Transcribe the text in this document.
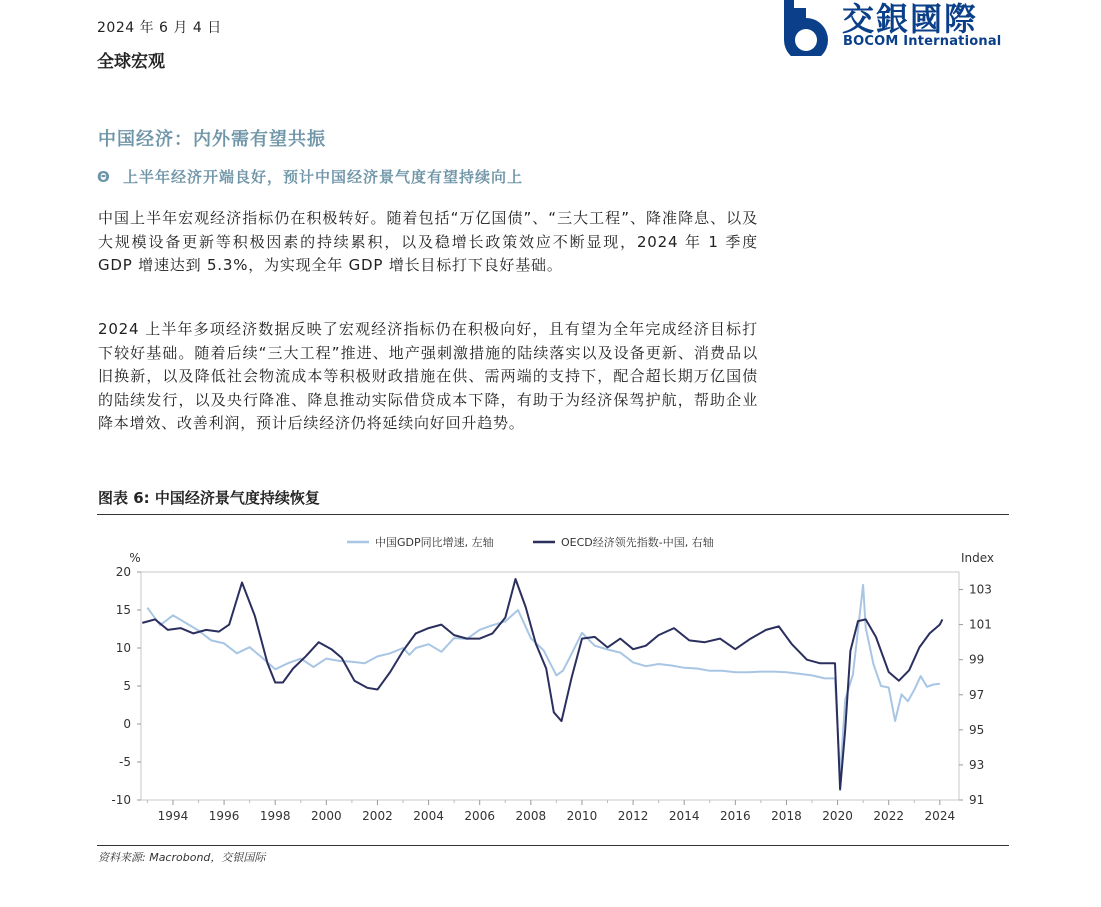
2024 年 6 月 4 日
全球宏观
交銀國際
BOCOM International
中国经济：内外需有望共振
Θ 上半年经济开端良好，预计中国经济景气度有望持续向上
中国上半年宏观经济指标仍在积极转好。随着包括“万亿国债”、“三大工程”、降准降息、以及大规模设备更新等积极因素的持续累积，以及稳增长政策效应不断显现，2024 年 1 季度 GDP 增速达到 5.3%，为实现全年 GDP 增长目标打下良好基础。
2024 上半年多项经济数据反映了宏观经济指标仍在积极向好，且有望为全年完成经济目标打下较好基础。随着后续“三大工程”推进、地产强刺激措施的陆续落实以及设备更新、消费品以旧换新，以及降低社会物流成本等积极财政措施在供、需两端的支持下，配合超长期万亿国债的陆续发行，以及央行降准、降息推动实际借贷成本下降，有助于为经济保驾护航，帮助企业降本增效、改善利润，预计后续经济仍将延续向好回升趋势。
图表 6: 中国经济景气度持续恢复
中国GDP同比增速, 左轴	OECD经济领先指数-中国, 右轴
20
15
10
5
0
-5
-10
%
103
101
99
97
95
93
91
Index
1994 1996 1998 2000 2002 2004 2006 2008 2010 2012 2014 2016 2018 2020 2022 2024
资料来源: Macrobond，交银国际
